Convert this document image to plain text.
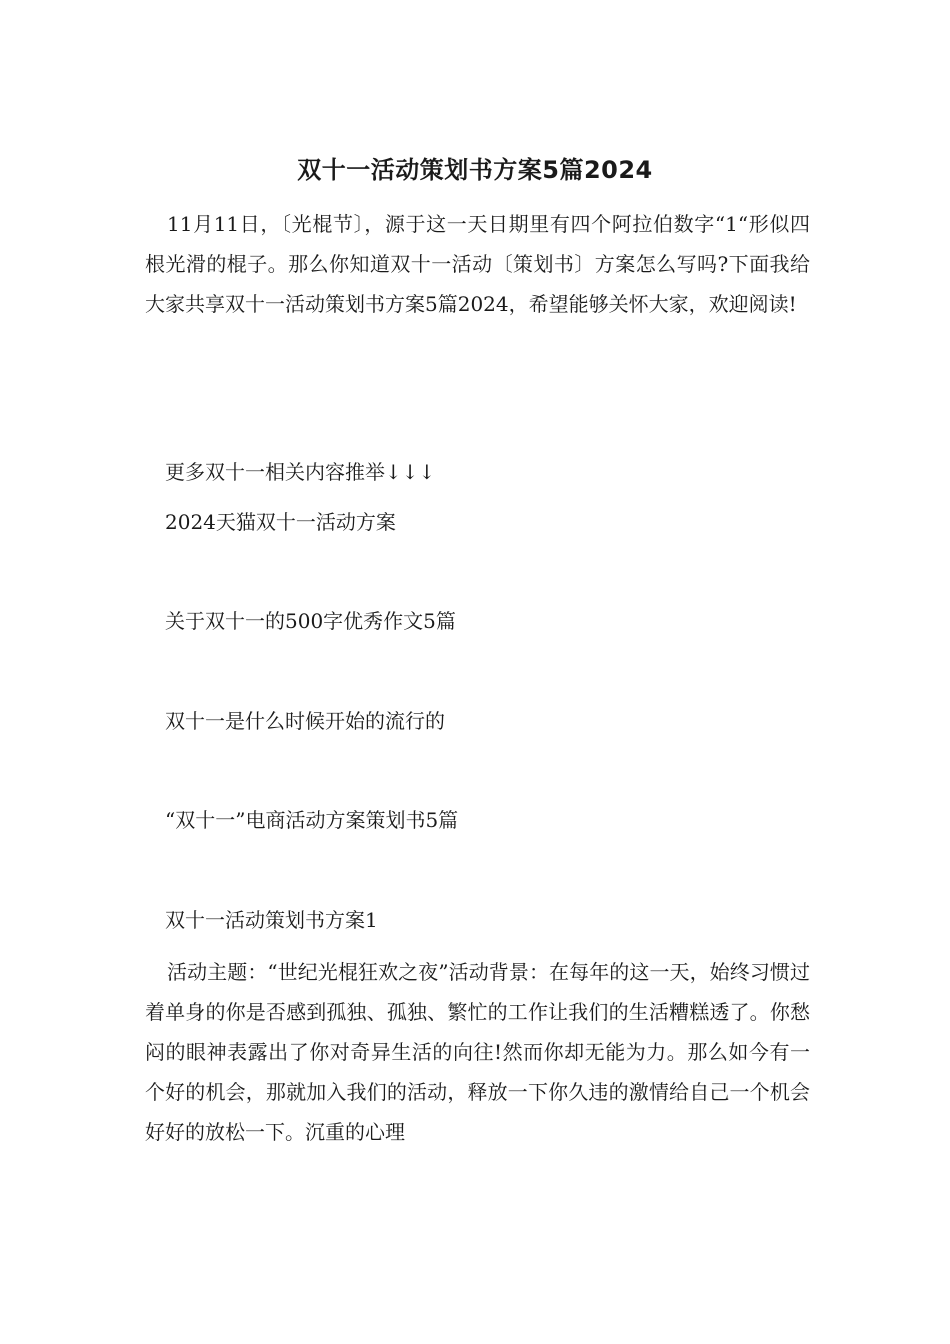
双十一活动策划书方案5篇2024

11月11日，〔光棍节〕，源于这一天日期里有四个阿拉伯数字“1“形似四根光滑的棍子。那么你知道双十一活动〔策划书〕方案怎么写吗?下面我给大家共享双十一活动策划书方案5篇2024，希望能够关怀大家，欢迎阅读!

更多双十一相关内容推举↓↓↓
2024天猫双十一活动方案
关于双十一的500字优秀作文5篇
双十一是什么时候开始的流行的
“双十一”电商活动方案策划书5篇
双十一活动策划书方案1

活动主题：“世纪光棍狂欢之夜”活动背景：在每年的这一天，始终习惯过着单身的你是否感到孤独、孤独、繁忙的工作让我们的生活糟糕透了。你愁闷的眼神表露出了你对奇异生活的向往!然而你却无能为力。那么如今有一个好的机会，那就加入我们的活动，释放一下你久违的激情给自己一个机会好好的放松一下。沉重的心理
